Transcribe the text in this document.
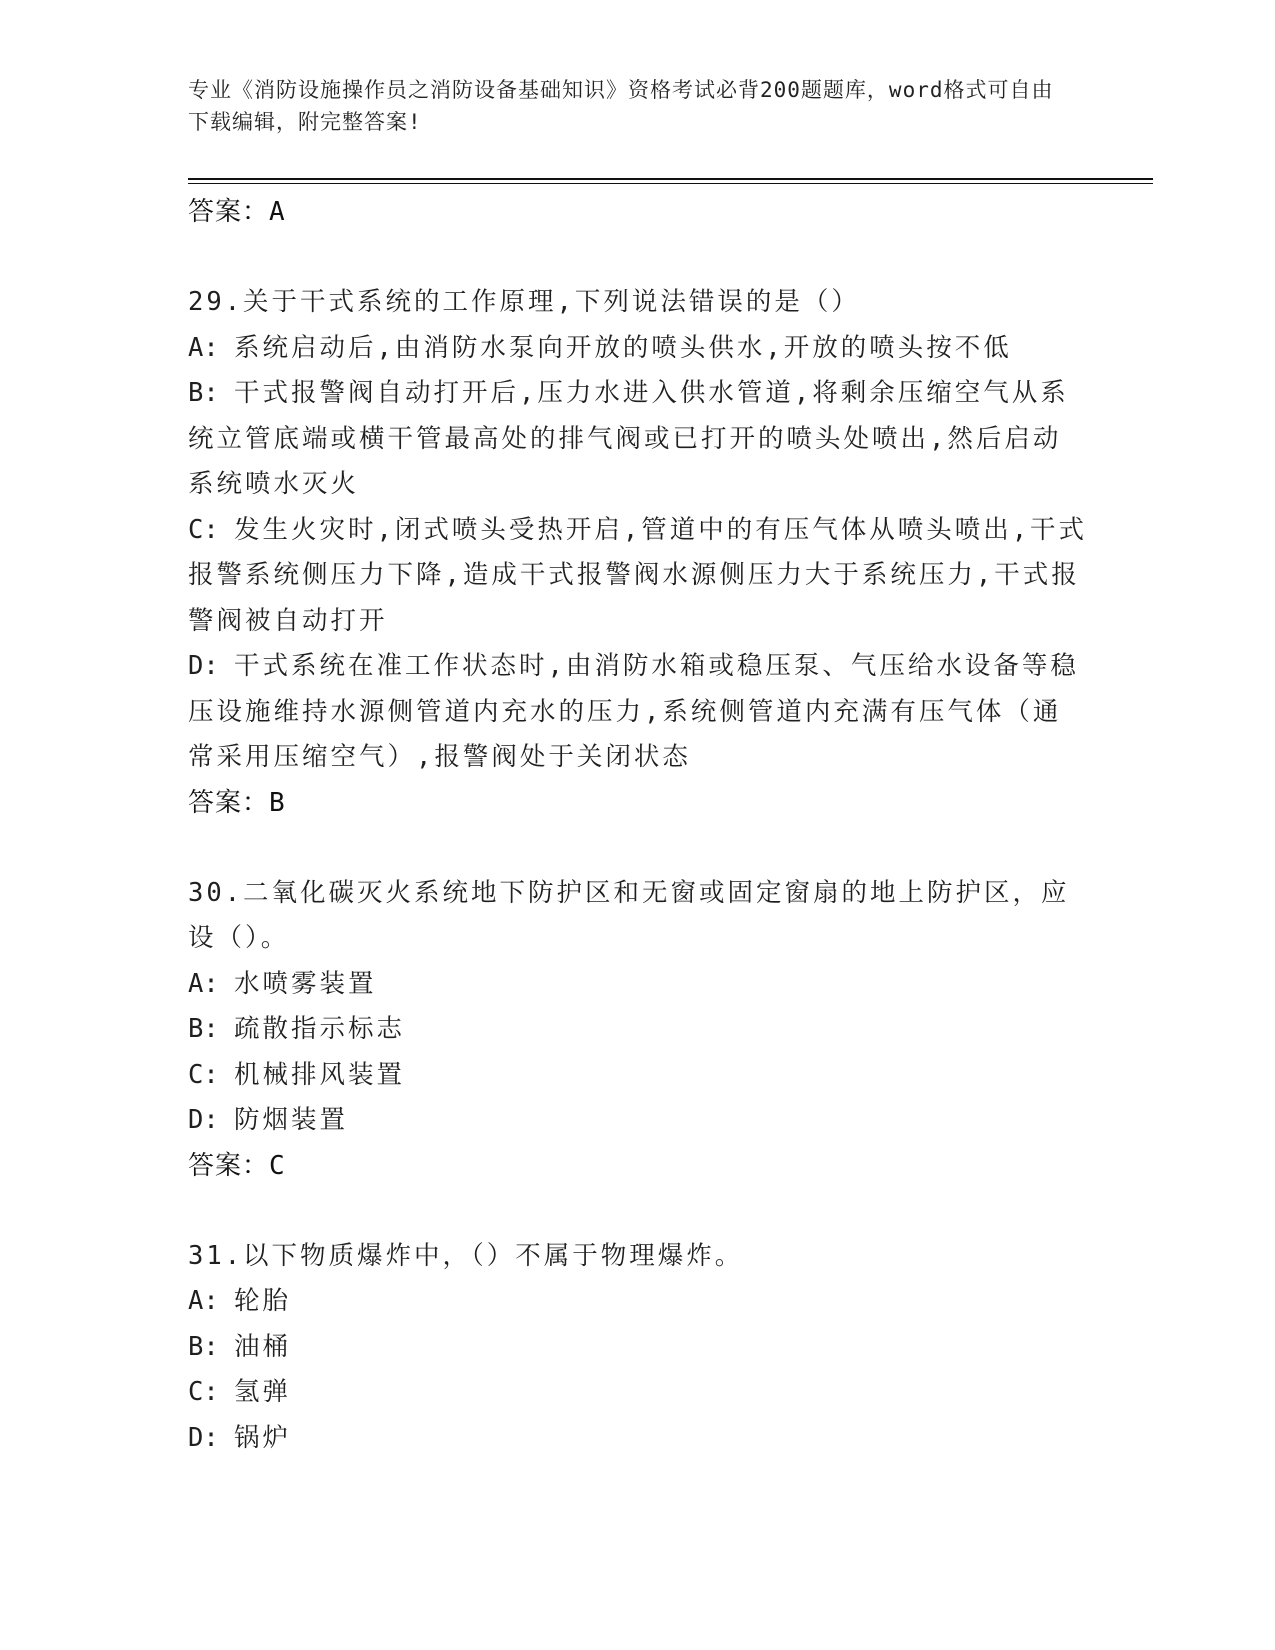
专业《消防设施操作员之消防设备基础知识》资格考试必背200题题库，word格式可自由下载编辑，附完整答案!

答案：A

29.关于干式系统的工作原理,下列说法错误的是（）

A: 系统启动后,由消防水泵向开放的喷头供水,开放的喷头按不低

B: 干式报警阀自动打开后,压力水进入供水管道,将剩余压缩空气从系统立管底端或横干管最高处的排气阀或已打开的喷头处喷出,然后启动系统喷水灭火

C: 发生火灾时,闭式喷头受热开启,管道中的有压气体从喷头喷出,干式报警系统侧压力下降,造成干式报警阀水源侧压力大于系统压力,干式报警阀被自动打开

D: 干式系统在准工作状态时,由消防水箱或稳压泵、气压给水设备等稳压设施维持水源侧管道内充水的压力,系统侧管道内充满有压气体（通常采用压缩空气）,报警阀处于关闭状态

答案：B

30.二氧化碳灭火系统地下防护区和无窗或固定窗扇的地上防护区，应设（）。

A: 水喷雾装置

B: 疏散指示标志

C: 机械排风装置

D: 防烟装置

答案：C

31.以下物质爆炸中，（）不属于物理爆炸。

A: 轮胎

B: 油桶

C: 氢弹

D: 锅炉
